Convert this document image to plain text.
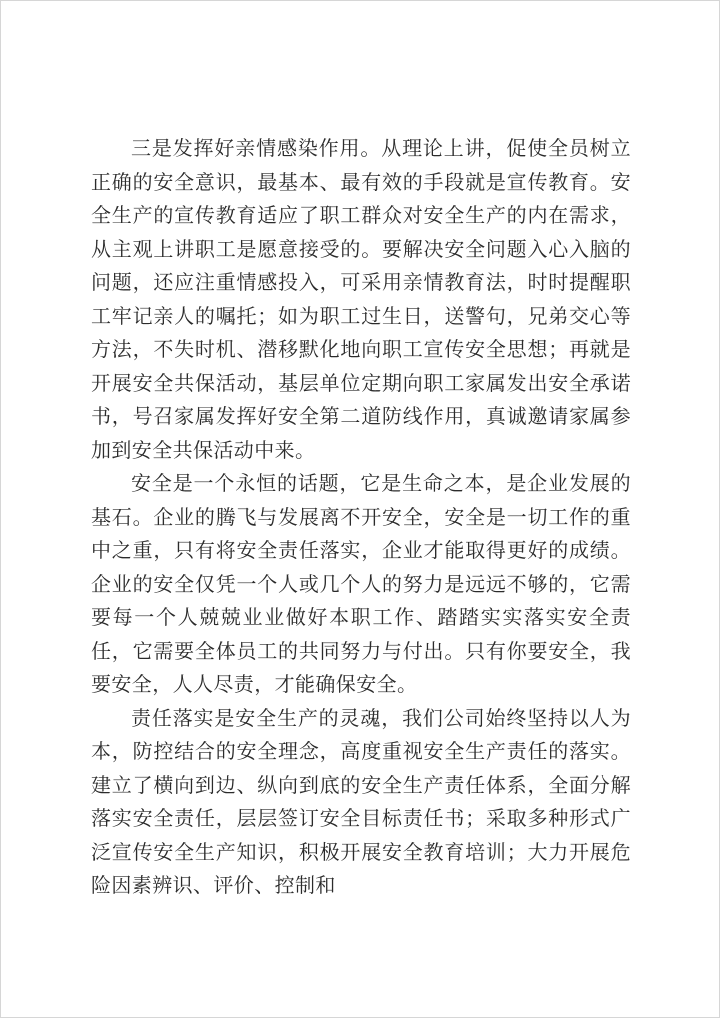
三是发挥好亲情感染作用。从理论上讲，促使全员树立正确的安全意识，最基本、最有效的手段就是宣传教育。安全生产的宣传教育适应了职工群众对安全生产的内在需求，从主观上讲职工是愿意接受的。要解决安全问题入心入脑的问题，还应注重情感投入，可采用亲情教育法，时时提醒职工牢记亲人的嘱托；如为职工过生日，送警句，兄弟交心等方法，不失时机、潜移默化地向职工宣传安全思想；再就是开展安全共保活动，基层单位定期向职工家属发出安全承诺书，号召家属发挥好安全第二道防线作用，真诚邀请家属参加到安全共保活动中来。

安全是一个永恒的话题，它是生命之本，是企业发展的基石。企业的腾飞与发展离不开安全，安全是一切工作的重中之重，只有将安全责任落实，企业才能取得更好的成绩。企业的安全仅凭一个人或几个人的努力是远远不够的，它需要每一个人兢兢业业做好本职工作、踏踏实实落实安全责任，它需要全体员工的共同努力与付出。只有你要安全，我要安全，人人尽责，才能确保安全。

责任落实是安全生产的灵魂，我们公司始终坚持以人为本，防控结合的安全理念，高度重视安全生产责任的落实。建立了横向到边、纵向到底的安全生产责任体系，全面分解落实安全责任，层层签订安全目标责任书；采取多种形式广泛宣传安全生产知识，积极开展安全教育培训；大力开展危险因素辨识、评价、控制和
